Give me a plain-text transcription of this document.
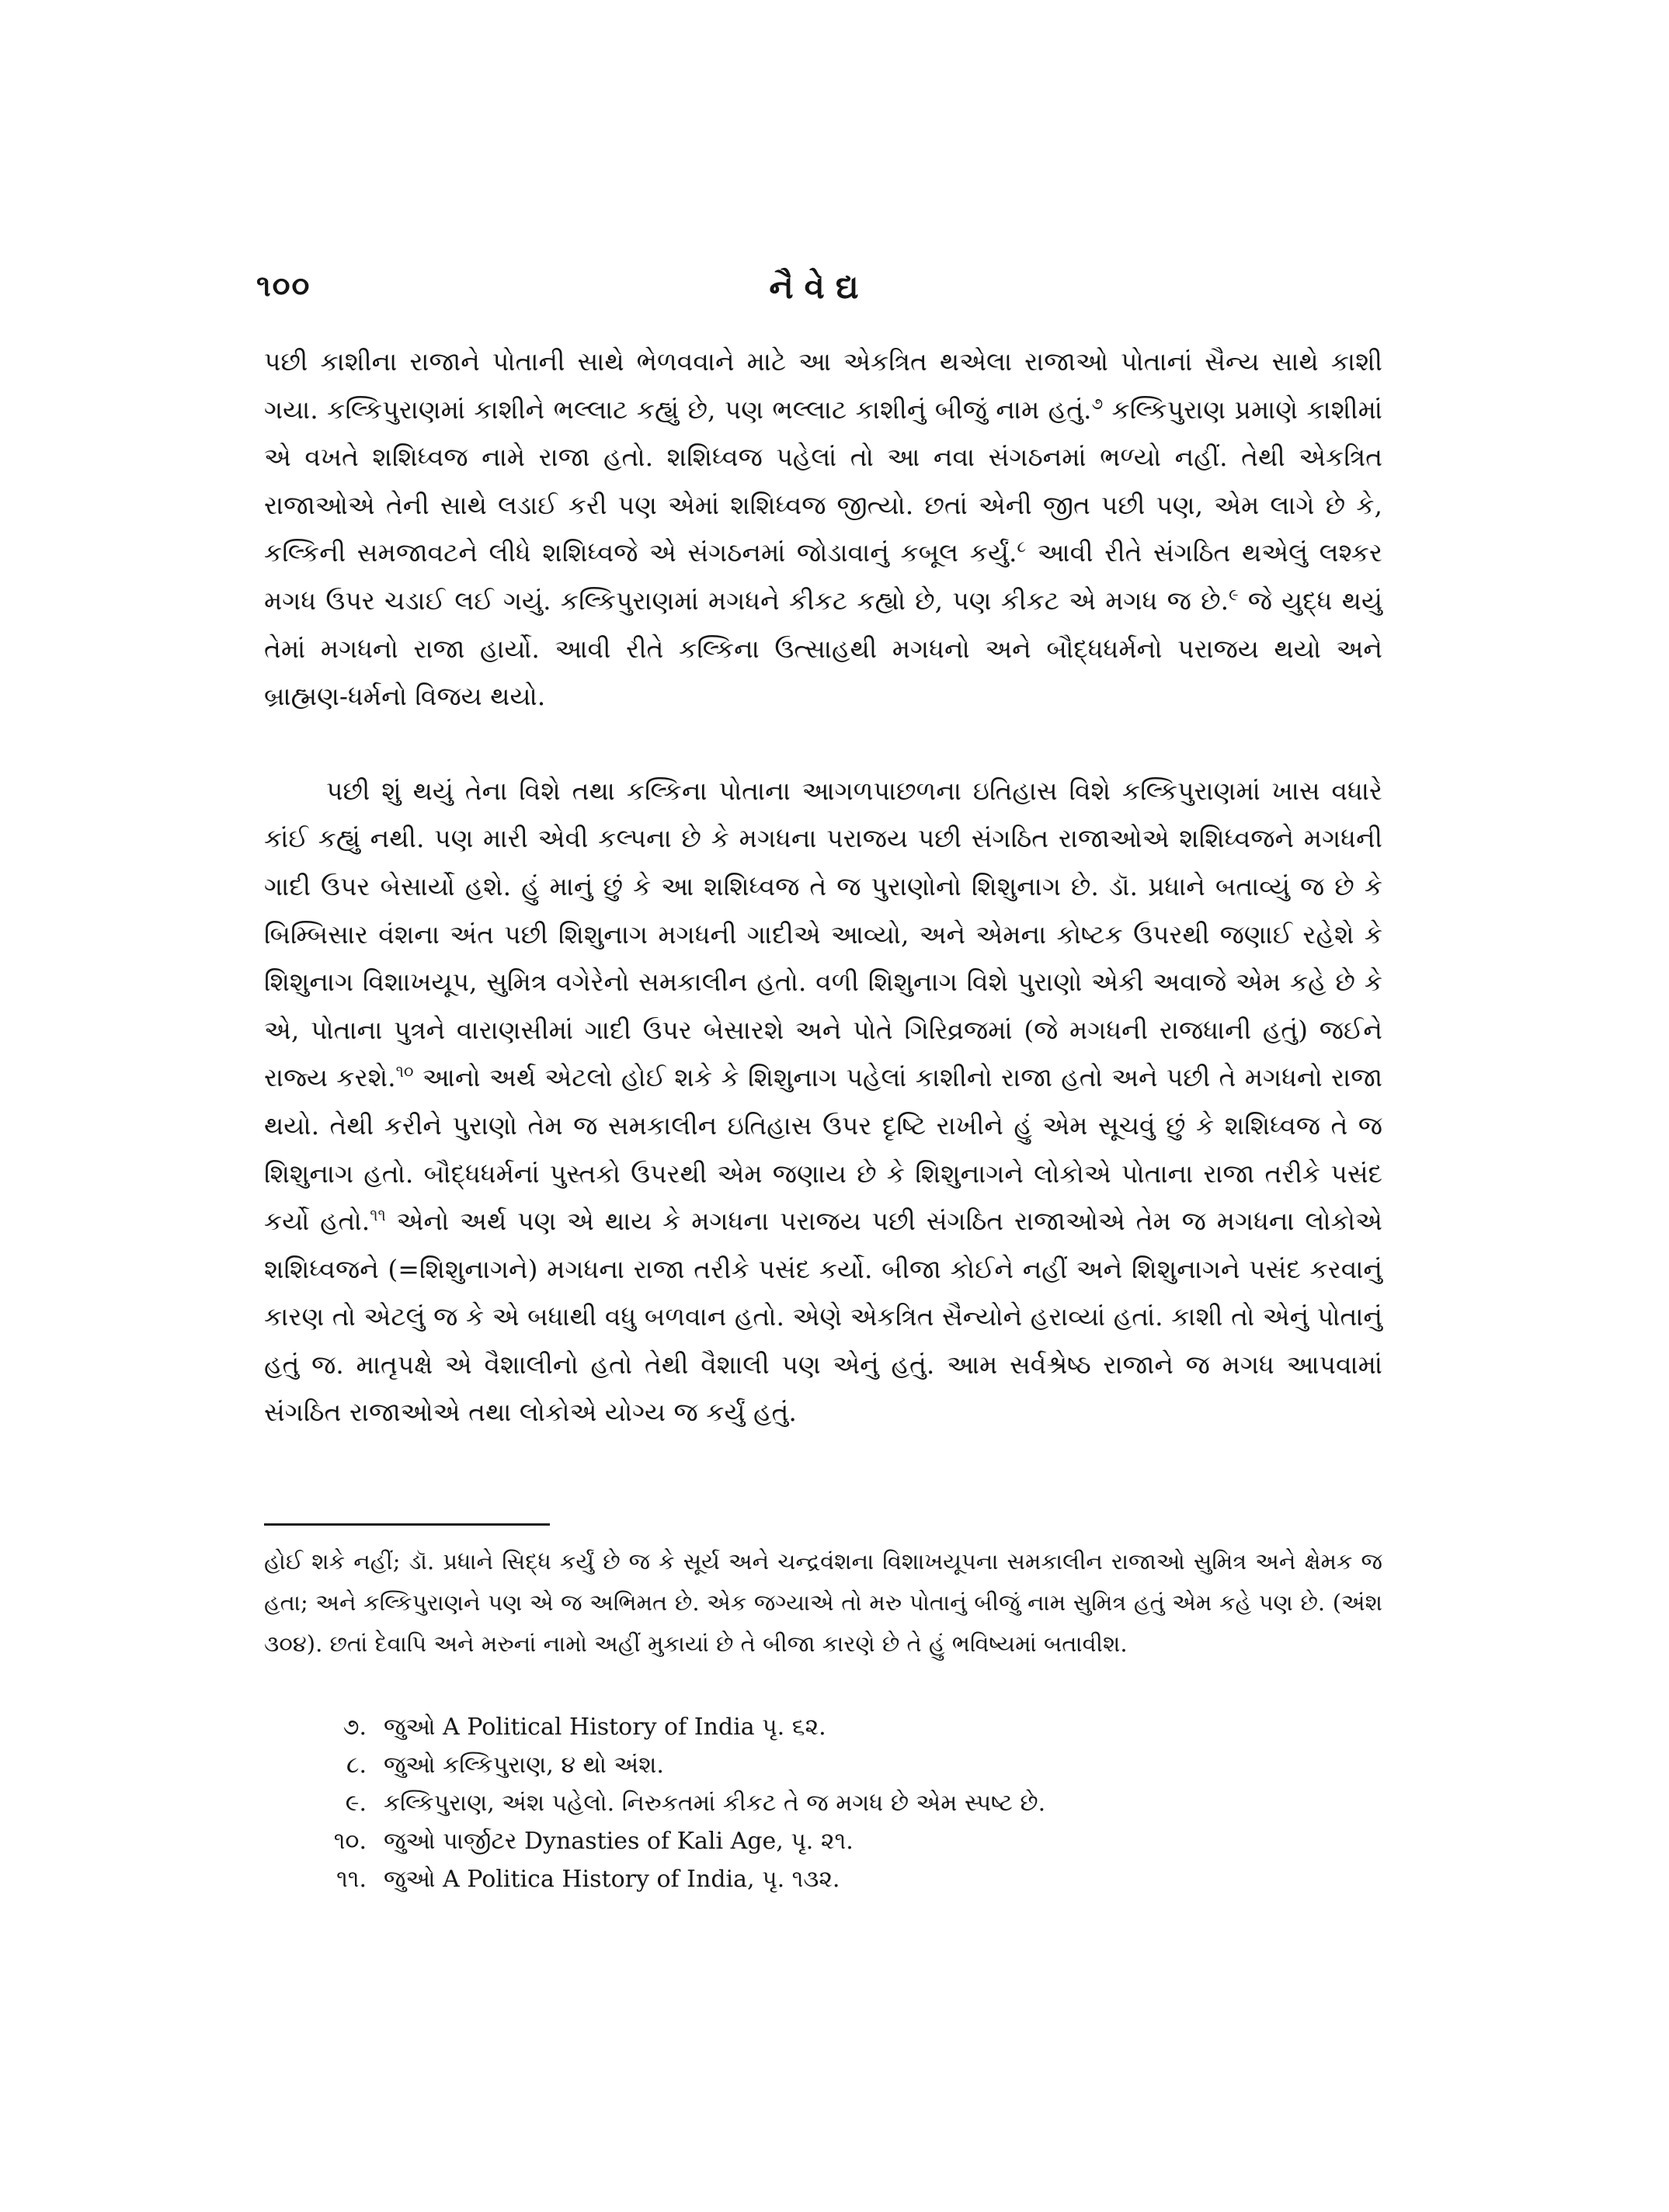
૧૦૦	નૈવેદ્ય

પછી કાશીના રાજાને પોતાની સાથે ભેળવવાને માટે આ એકત્રિત થએલા રાજાઓ પોતાનાં સૈન્ય સાથે કાશી ગયા. કલ્કિપુરાણમાં કાશીને ભલ્લાટ કહ્યું છે, પણ ભલ્લાટ કાશીનું બીજું નામ હતું.$^૭$ કલ્કિપુરાણ પ્રમાણે કાશીમાં એ વખતે શશિધ્વજ નામે રાજા હતો. શશિધ્વજ પહેલાં તો આ નવા સંગઠનમાં ભળ્યો નહીં. તેથી એકત્રિત રાજાઓએ તેની સાથે લડાઈ કરી પણ એમાં શશિધ્વજ જીત્યો. છતાં એની જીત પછી પણ, એમ લાગે છે કે, કલ્કિની સમજાવટને લીધે શશિધ્વજે એ સંગઠનમાં જોડાવાનું કબૂલ કર્યું.$^૮$ આવી રીતે સંગઠિત થએલું લશ્કર મગધ ઉપર ચડાઈ લઈ ગયું. કલ્કિપુરાણમાં મગધને કીકટ કહ્યો છે, પણ કીકટ એ મગધ જ છે.$^૯$ જે યુદ્ધ થયું તેમાં મગધનો રાજા હાર્યો. આવી રીતે કલ્કિના ઉત્સાહથી મગધનો અને બૌદ્ધધર્મનો પરાજય થયો અને બ્રાહ્મણ-ધર્મનો વિજય થયો.

પછી શું થયું તેના વિશે તથા કલ્કિના પોતાના આગળપાછળના ઇતિહાસ વિશે કલ્કિપુરાણમાં ખાસ વધારે કાંઈ કહ્યું નથી. પણ મારી એવી કલ્પના છે કે મગધના પરાજય પછી સંગઠિત રાજાઓએ શશિધ્વજને મગધની ગાદી ઉપર બેસાર્યો હશે. હું માનું છું કે આ શશિધ્વજ તે જ પુરાણોનો શિશુનાગ છે. ડૉ. પ્રધાને બતાવ્યું જ છે કે બિમ્બિસાર વંશના અંત પછી શિશુનાગ મગધની ગાદીએ આવ્યો, અને એમના કોષ્ટક ઉપરથી જણાઈ રહેશે કે શિશુનાગ વિશાખયૂપ, સુમિત્ર વગેરેનો સમકાલીન હતો. વળી શિશુનાગ વિશે પુરાણો એકી અવાજે એમ કહે છે કે એ, પોતાના પુત્રને વારાણસીમાં ગાદી ઉપર બેસારશે અને પોતે ગિરિવ્રજમાં (જે મગધની રાજધાની હતું) જઈને રાજ્ય કરશે.$^{૧૦}$ આનો અર્થ એટલો હોઈ શકે કે શિશુનાગ પહેલાં કાશીનો રાજા હતો અને પછી તે મગધનો રાજા થયો. તેથી કરીને પુરાણો તેમ જ સમકાલીન ઇતિહાસ ઉપર દૃષ્ટિ રાખીને હું એમ સૂચવું છું કે શશિધ્વજ તે જ શિશુનાગ હતો. બૌદ્ધધર્મનાં પુસ્તકો ઉપરથી એમ જણાય છે કે શિશુનાગને લોકોએ પોતાના રાજા તરીકે પસંદ કર્યો હતો.$^{૧૧}$ એનો અર્થ પણ એ થાય કે મગધના પરાજય પછી સંગઠિત રાજાઓએ તેમ જ મગધના લોકોએ શશિધ્વજને (=શિશુનાગને) મગધના રાજા તરીકે પસંદ કર્યો. બીજા કોઈને નહીં અને શિશુનાગને પસંદ કરવાનું કારણ તો એટલું જ કે એ બધાથી વધુ બળવાન હતો. એણે એકત્રિત સૈન્યોને હરાવ્યાં હતાં. કાશી તો એનું પોતાનું હતું જ. માતૃપક્ષે એ વૈશાલીનો હતો તેથી વૈશાલી પણ એનું હતું. આમ સર્વશ્રેષ્ઠ રાજાને જ મગધ આપવામાં સંગઠિત રાજાઓએ તથા લોકોએ યોગ્ય જ કર્યું હતું.

હોઈ શકે નહીં; ડૉ. પ્રધાને સિદ્ધ કર્યું છે જ કે સૂર્ય અને ચન્દ્રવંશના વિશાખયૂપના સમકાલીન રાજાઓ સુમિત્ર અને ક્ષેમક જ હતા; અને કલ્કિપુરાણને પણ એ જ અભિમત છે. એક જગ્યાએ તો મરુ પોતાનું બીજું નામ સુમિત્ર હતું એમ કહે પણ છે. (અંશ ૩૦૪). છતાં દેવાપિ અને મરુનાં નામો અહીં મુકાયાં છે તે બીજા કારણે છે તે હું ભવિષ્યમાં બતાવીશ.

૭. જુઓ A Political History of India પૃ. ૬૨.
૮. જુઓ કલ્કિપુરાણ, ૪ થો અંશ.
૯. કલ્કિપુરાણ, અંશ પહેલો. નિરુકતમાં કીકટ તે જ મગધ છે એમ સ્પષ્ટ છે.
૧૦. જુઓ પાર્જીટર Dynasties of Kali Age, પૃ. ૨૧.
૧૧. જુઓ A Politica History of India, પૃ. ૧૩૨.
